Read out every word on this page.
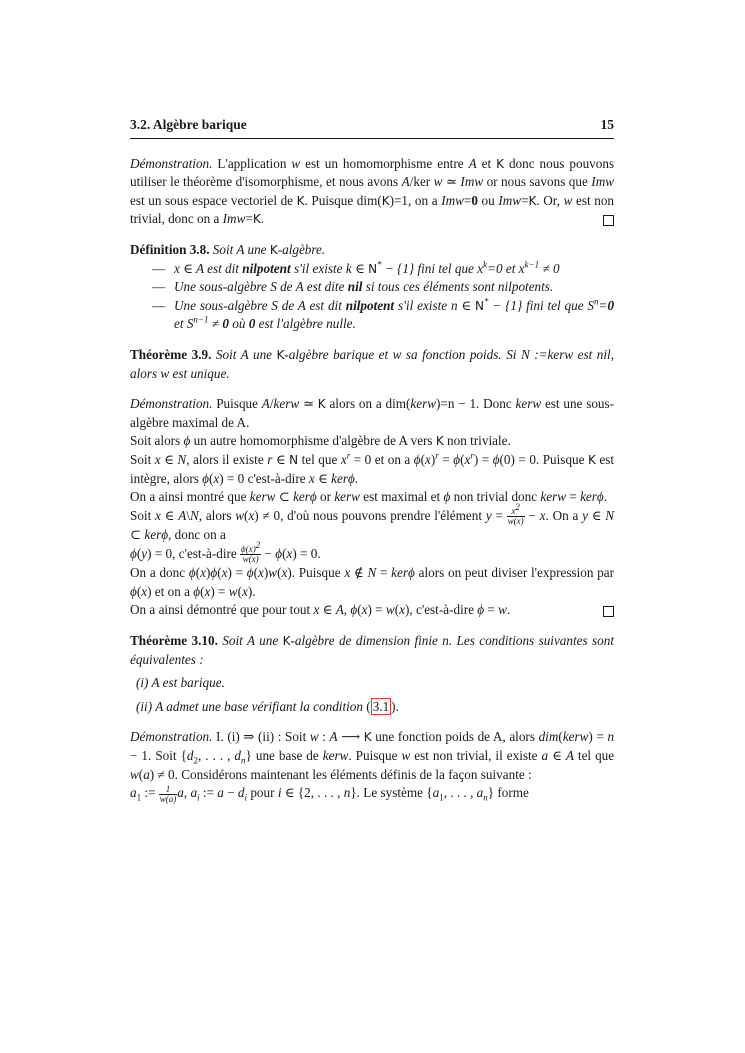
3.2. Algèbre barique	15

Démonstration. L'application w est un homomorphisme entre A et K donc nous pouvons utiliser le théorème d'isomorphisme, et nous avons A/ker w ≃ Imw or nous savons que Imw est un sous espace vectoriel de K. Puisque dim(K)=1, on a Imw=0 ou Imw=K. Or, w est non trivial, donc on a Imw=K.

Définition 3.8. Soit A une K-algèbre.

— x ∈ A est dit nilpotent s'il existe k ∈ N* − {1} fini tel que $x^k=0$ et $x^{k-1} \ne 0$
— Une sous-algèbre S de A est dite nil si tous ces éléments sont nilpotents.
— Une sous-algèbre S de A est dit nilpotent s'il existe n ∈ N* − {1} fini tel que $S^n=0$ et $S^{n-1} \ne 0$ où 0 est l'algèbre nulle.

Théorème 3.9. Soit A une K-algèbre barique et w sa fonction poids. Si N :=kerw est nil, alors w est unique.

Démonstration. Puisque A/kerw ≃ K alors on a dim(kerw)=n − 1. Donc kerw est une sous-algèbre maximal de A.

Soit alors ϕ un autre homomorphisme d'algèbre de A vers K non triviale.

Soit x ∈ N, alors il existe r ∈ N tel que $x^r = 0$ et on a $\phi(x)^r = \phi(x^r) = \phi(0) = 0$. Puisque K est intègre, alors ϕ(x) = 0 c'est-à-dire x ∈ kerϕ.

On a ainsi montré que kerw ⊂ kerϕ or kerw est maximal et ϕ non trivial donc kerw = kerϕ.

Soit x ∈ A\N, alors w(x) ≠ 0, d'où nous pouvons prendre l'élément $y = \frac{x^2}{w(x)} - x$. On a y ∈ N ⊂ kerϕ, donc on a

ϕ(y) = 0, c'est-à-dire $\frac{\phi(x)^2}{w(x)} - \phi(x) = 0$.

On a donc ϕ(x)ϕ(x) = ϕ(x)w(x). Puisque x ∉ N = kerϕ alors on peut diviser l'expression par ϕ(x) et on a ϕ(x) = w(x).

On a ainsi démontré que pour tout x ∈ A, ϕ(x) = w(x), c'est-à-dire ϕ = w.

Théorème 3.10. Soit A une K-algèbre de dimension finie n. Les conditions suivantes sont équivalentes :

(i) A est barique.
(ii) A admet une base vérifiant la condition ( 3.1 ).

Démonstration. I. (i) ⇒ (ii) : Soit w : A ⟶ K une fonction poids de A, alors dim(kerw) = n − 1. Soit {$d_2$, . . . , $d_n$} une base de kerw. Puisque w est non trivial, il existe a ∈ A tel que w(a) ≠ 0. Considérons maintenant les éléments définis de la façon suivante :
$a_1$ := $\frac{1}{w(a)} a$, $a_i$ := $a - d_i$ pour i ∈ {2, . . . , n}. Le système {$a_1$, . . . , $a_n$} forme
